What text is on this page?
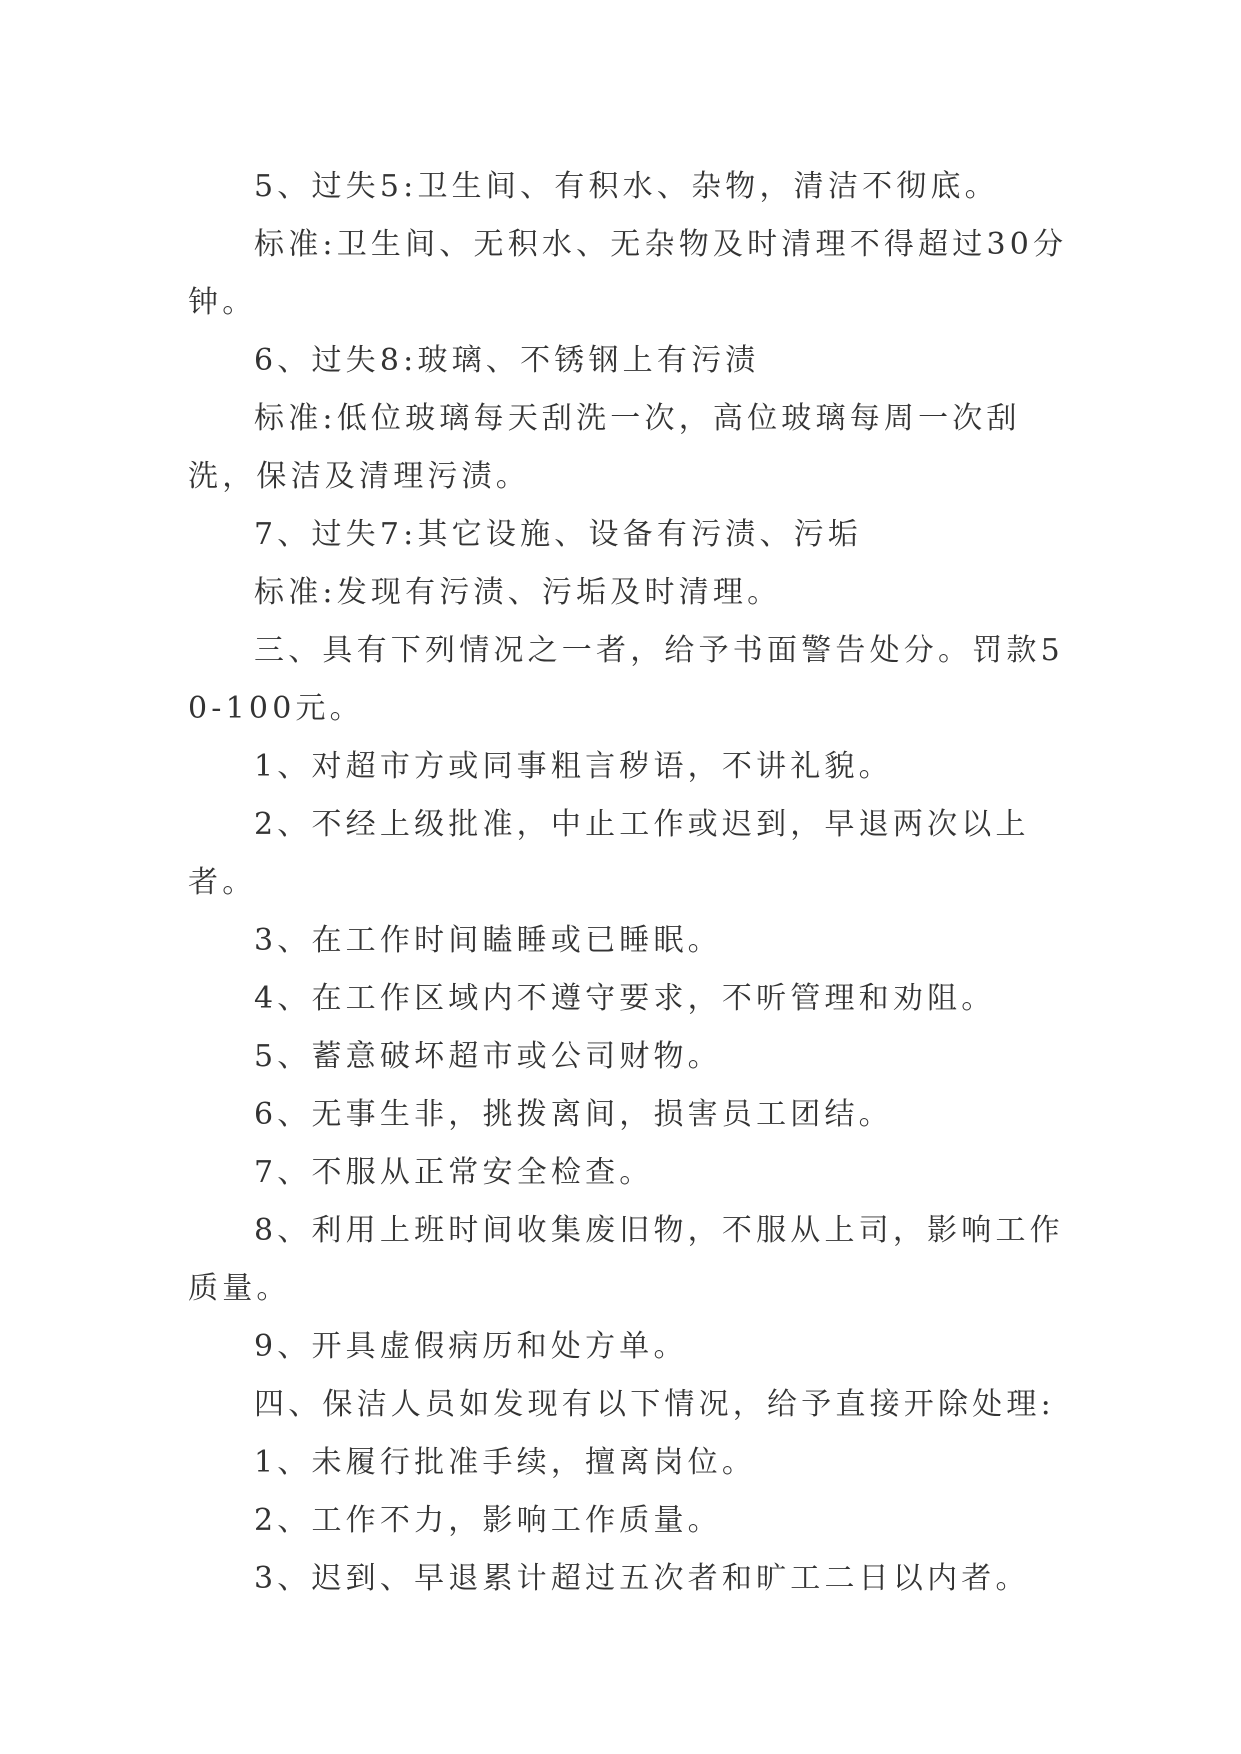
5、过失5:卫生间、有积水、杂物，清洁不彻底。

标准:卫生间、无积水、无杂物及时清理不得超过30分钟。

6、过失8:玻璃、不锈钢上有污渍

标准:低位玻璃每天刮洗一次，高位玻璃每周一次刮洗，保洁及清理污渍。

7、过失7:其它设施、设备有污渍、污垢

标准:发现有污渍、污垢及时清理。

三、具有下列情况之一者，给予书面警告处分。罚款50-100元。

1、对超市方或同事粗言秽语，不讲礼貌。

2、不经上级批准，中止工作或迟到，早退两次以上者。

3、在工作时间瞌睡或已睡眠。

4、在工作区域内不遵守要求，不听管理和劝阻。

5、蓄意破坏超市或公司财物。

6、无事生非，挑拨离间，损害员工团结。

7、不服从正常安全检查。

8、利用上班时间收集废旧物，不服从上司，影响工作质量。

9、开具虚假病历和处方单。

四、保洁人员如发现有以下情况，给予直接开除处理:

1、未履行批准手续，擅离岗位。

2、工作不力，影响工作质量。

3、迟到、早退累计超过五次者和旷工二日以内者。
